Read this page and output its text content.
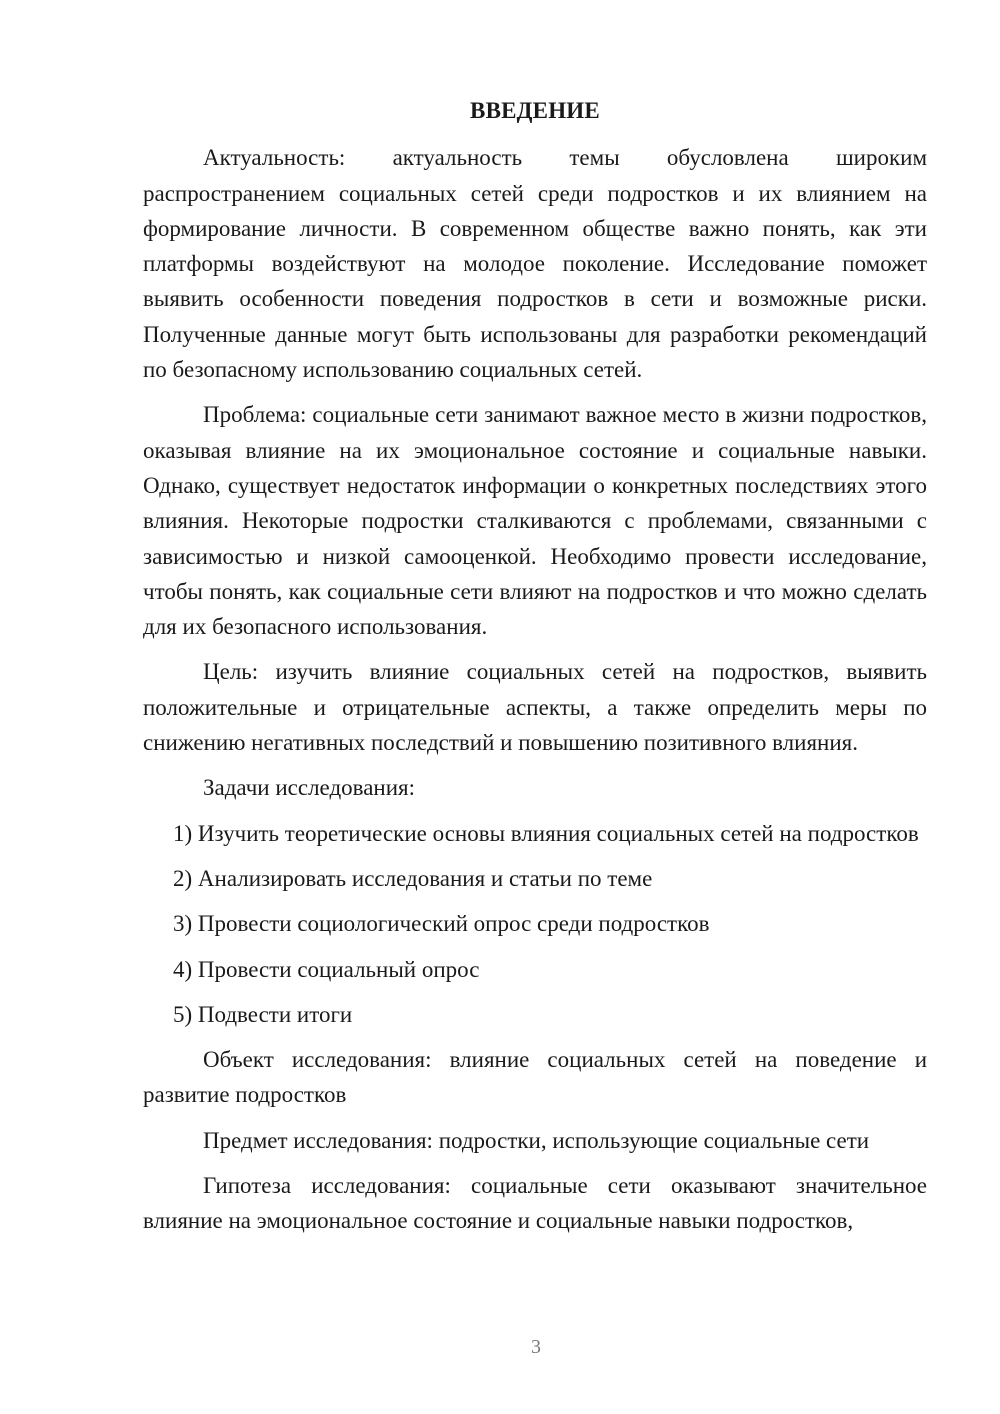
ВВЕДЕНИЕ

Актуальность: актуальность темы обусловлена широким распространением социальных сетей среди подростков и их влиянием на формирование личности. В современном обществе важно понять, как эти платформы воздействуют на молодое поколение. Исследование поможет выявить особенности поведения подростков в сети и возможные риски. Полученные данные могут быть использованы для разработки рекомендаций по безопасному использованию социальных сетей.

Проблема: социальные сети занимают важное место в жизни подростков, оказывая влияние на их эмоциональное состояние и социальные навыки. Однако, существует недостаток информации о конкретных последствиях этого влияния. Некоторые подростки сталкиваются с проблемами, связанными с зависимостью и низкой самооценкой. Необходимо провести исследование, чтобы понять, как социальные сети влияют на подростков и что можно сделать для их безопасного использования.

Цель: изучить влияние социальных сетей на подростков, выявить положительные и отрицательные аспекты, а также определить меры по снижению негативных последствий и повышению позитивного влияния.

Задачи исследования:

1) Изучить теоретические основы влияния социальных сетей на подростков

2) Анализировать исследования и статьи по теме

3) Провести социологический опрос среди подростков

4) Провести социальный опрос

5) Подвести итоги

Объект исследования: влияние социальных сетей на поведение и развитие подростков

Предмет исследования: подростки, использующие социальные сети

Гипотеза исследования: социальные сети оказывают значительное влияние на эмоциональное состояние и социальные навыки подростков,

3
